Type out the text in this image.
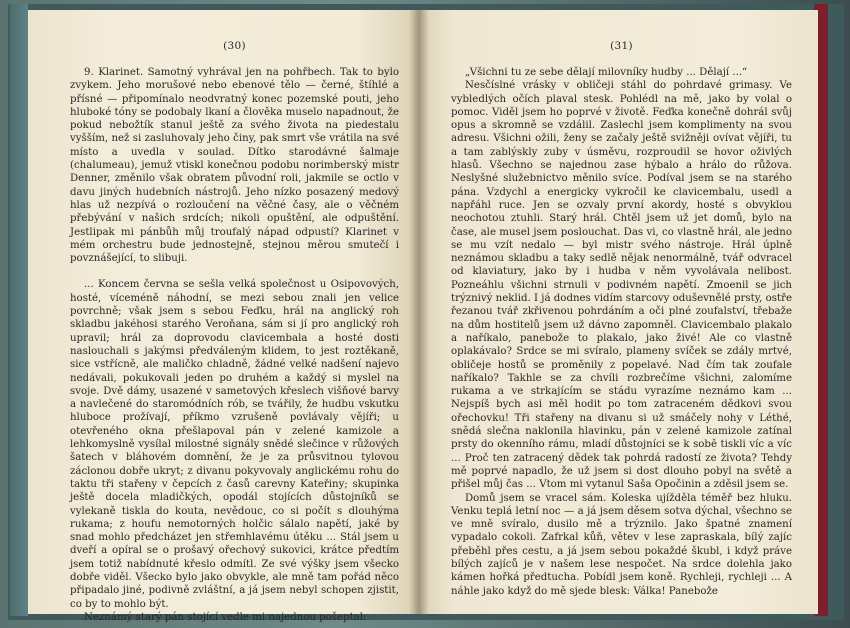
(30)

9. Klarinet. Samotný vyhrával jen na pohřbech. Tak to bylo zvykem. Jeho morušové nebo ebenové tělo — černé, štíhlé a přísné — připomínalo neodvratný konec pozemské pouti, jeho hluboké tóny se podobaly lkaní a člověka muselo napadnout, že pokud nebožtík stanul ještě za svého života na piedestalu vyšším, než si zasluhovaly jeho činy, pak smrt vše vrátila na své místo a uvedla v soulad. Dítko starodávné šalmaje (chalumeau), jemuž vtiskl konečnou podobu norimberský mistr Denner, změnilo však obratem původní roli, jakmile se octlo v davu jiných hudebních nástrojů. Jeho nízko posazený medový hlas už nezpívá o rozloučení na věčné časy, ale o věčném přebývání v našich srdcích; nikoli opuštění, ale odpuštění. Jestlipak mi pánbůh můj troufalý nápad odpustí? Klarinet v mém orchestru bude jednostejně, stejnou měrou smutečí i povznášející, to slibuji.

... Koncem června se sešla velká společnost u Osipovových, hosté, víceméně náhodní, se mezi sebou znali jen velice povrchně; však jsem s sebou Feďku, hrál na anglický roh skladbu jakéhosi starého Veroňana, sám si jí pro anglický roh upravil; hrál za doprovodu clavicembala a hosté dosti naslouchali s jakýmsi předváleným klidem, to jest roztěkaně, sice vstřícně, ale maličko chladně, žádné velké nadšení najevo nedávali, pokukovali jeden po druhém a každý si myslel na svoje. Dvě dámy, usazené v sametových křeslech višňové barvy a navlečené do staromódních rób, se tvářily, že hudbu vskutku hluboce prožívají, příkmo vzrušeně povlávaly vějíři; u otevřeného okna přešlapoval pán v zelené kamizole a lehkomyslně vysílal milostné signály snědé slečince v růžových šatech v bláhovém domnění, že je za průsvitnou tylovou záclonou dobře ukryt; z divanu pokyvovaly anglickému rohu do taktu tři stařeny v čepcích z časů carevny Kateřiny; skupinka ještě docela mladičkých, opodál stojících důstojníků se vylekaně tiskla do kouta, nevědouc, co si počít s dlouhýma rukama; z houfu nemotorných holčic sálalo napětí, jaké by snad mohlo předcházet jen střemhlavému útěku ... Stál jsem u dveří a opíral se o prošavý ořechový sukovici, krátce předtím jsem totiž nabídnuté křeslo odmítl. Ze své výšky jsem všecko dobře viděl. Všecko bylo jako obvykle, ale mně tam pořád něco připadalo jiné, podivně zvláštní, a já jsem nebyl schopen zjistit, co by to mohlo být.

Neznámý starý pán stojící vedle mi najednou pošeptal:

(31)

„Všichni tu ze sebe dělají milovníky hudby ... Dělají ...“

Nesčíslné vrásky v obličeji stáhl do pohrdavé grimasy. Ve vybledlých očích plaval stesk. Pohlédl na mě, jako by volal o pomoc. Viděl jsem ho poprvé v životě. Feďka konečně dohrál svůj opus a skromně se vzdálil. Zaslechl jsem komplimenty na svou adresu. Všichni ožili, ženy se začaly ještě svižněji ovívat vějíři, tu a tam zablýskly zuby v úsměvu, rozproudil se hovor oživlých hlasů. Všechno se najednou zase hýbalo a hrálo do růžova. Neslyšné služebnictvo měnilo svíce. Podíval jsem se na starého pána. Vzdychl a energicky vykročil ke clavicembalu, usedl a napřáhl ruce. Jen se ozvaly první akordy, hosté s obvyklou neochotou ztuhli. Starý hrál. Chtěl jsem už jet domů, bylo na čase, ale musel jsem poslouchat. Das vi, co vlastně hrál, ale jedno se mu vzít nedalo — byl mistr svého nástroje. Hrál úplně neznámou skladbu a taky sedlě nějak nenormálně, tvář odvracel od klaviatury, jako by i hudba v něm vyvolávala nelibost. Pozneáhlu všichni strnuli v podivném napětí. Zmoenil se jich trýznivý neklid. I já dodnes vidím starcovy oduševnělé prsty, ostře řezanou tvář zkřivenou pohrdáním a oči plné zoufalství, třebaže na dům hostitelů jsem už dávno zapomněl. Clavicembalo plakalo a naříkalo, panebože to plakalo, jako živé! Ale co vlastně oplakávalo? Srdce se mi svíralo, plameny svíček se zdály mrtvé, obličeje hostů se proměnily z popelavé. Nad čím tak zoufale naříkalo? Takhle se za chvíli rozbrečíme všichni, zalomíme rukama a ve strkajícím se stádu vyrazíme neznámo kam ... Nejspíš bych asi měl hodit po tom zatraceném dědkovi svou ořechovku! Tři stařeny na divanu si už smáčely nohy v Léthé, snědá slečna naklonila hlavinku, pán v zelené kamizole zatínal prsty do okenního rámu, mladí důstojníci se k sobě tiskli víc a víc ... Proč ten zatracený dědek tak pohrdá radostí ze života? Tehdy mě poprvé napadlo, že už jsem si dost dlouho pobyl na světě a přišel můj čas ... Vtom mi vytanul Saša Opočinin a zděsil jsem se.

Domů jsem se vracel sám. Koleska ujížděla téměř bez hluku. Venku teplá letní noc — a já jsem děsem sotva dýchal, všechno se ve mně svíralo, dusilo mě a trýznilo. Jako špatné znamení vypadalo cokoli. Zafrkal kůň, větev v lese zapraskala, bílý zajíc přeběhl přes cestu, a já jsem sebou pokaždé škubl, i když práve bílých zajíců je v našem lese nespočet. Na srdce dolehla jako kámen hořká předtucha. Pobídl jsem koně. Rychleji, rychleji ... A náhle jako když do mě sjede blesk: Válka! Panebože
